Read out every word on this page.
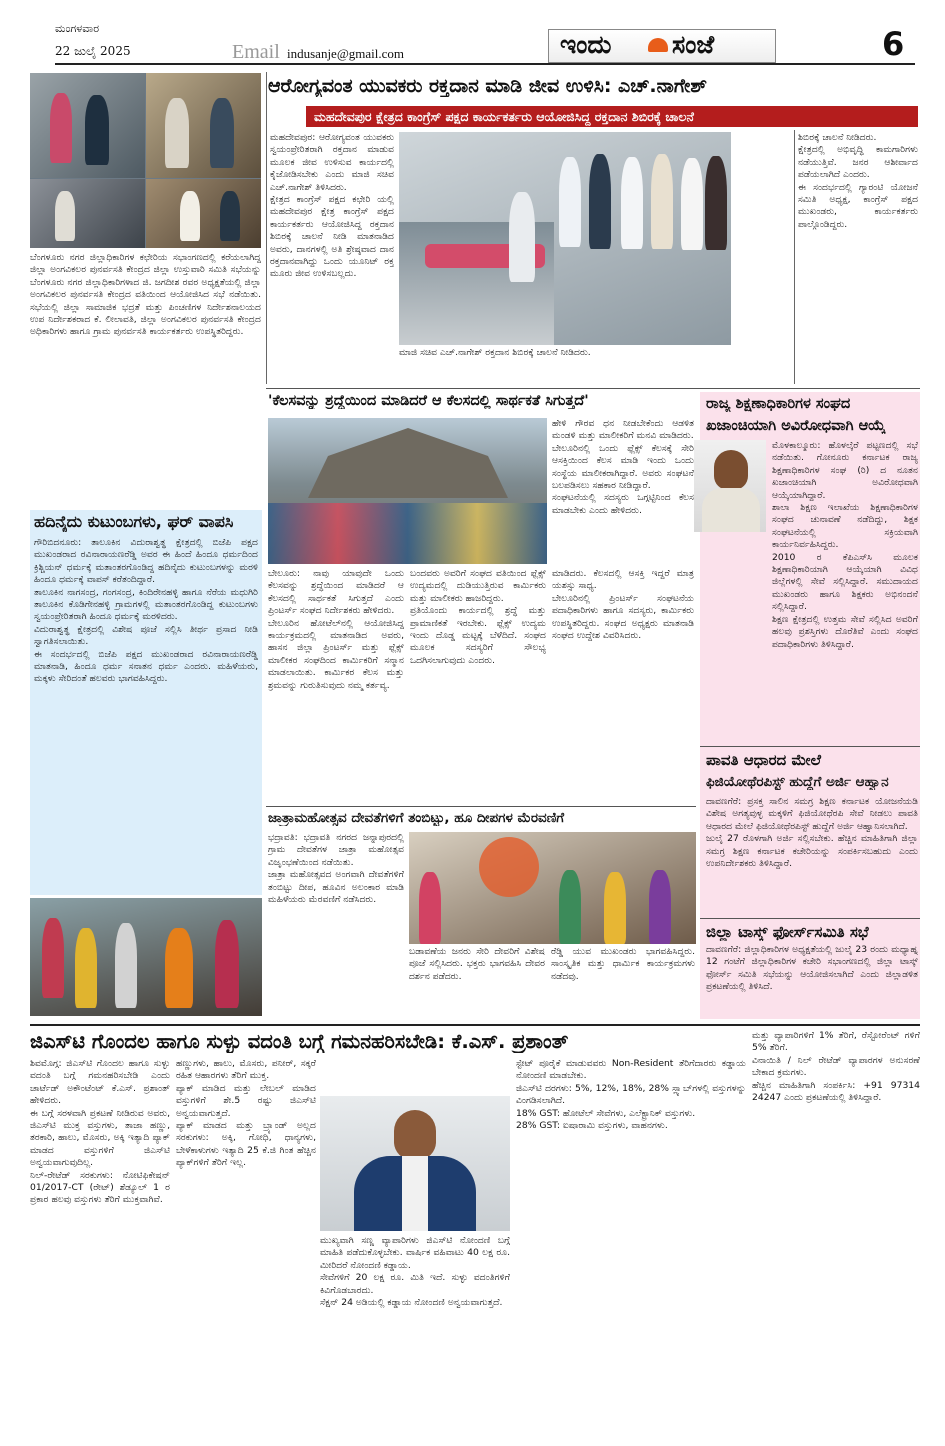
ಮಂಗಳವಾರ
22 ಜುಲೈ 2025	Email indusanje@gmail.com	ಇಂದು ಸಂಜೆ	6
ಬೆಂಗಳೂರು ನಗರ ಜಿಲ್ಲಾಧಿಕಾರಿಗಳ ಕಛೇರಿಯ ಸಭಾಂಗಣದಲ್ಲಿ ಕರೆಯಲಾಗಿದ್ದ ಜಿಲ್ಲಾ ಅಂಗವಿಕಲರ ಪುನರ್ವಸತಿ ಕೇಂದ್ರದ ಜಿಲ್ಲಾ ಉಸ್ತುವಾರಿ ಸಮಿತಿ ಸಭೆಯನ್ನು ಬೆಂಗಳೂರು ನಗರ ಜಿಲ್ಲಾಧಿಕಾರಿಗಳಾದ ಜಿ. ಜಗದೀಶ ರವರ ಅಧ್ಯಕ್ಷತೆಯಲ್ಲಿ ಜಿಲ್ಲಾ ಅಂಗವಿಕಲರ ಪುನರ್ವಸತಿ ಕೇಂದ್ರದ ವತಿಯಿಂದ ಆಯೋಜಿಸಿದ ಸಭೆ ನಡೆಯಿತು. ಸಭೆಯಲ್ಲಿ ಜಿಲ್ಲಾ ಸಾಮಾಜಿಕ ಭದ್ರತೆ ಮತ್ತು ಪಿಂಚಣಿಗಳ ನಿರ್ದೇಶನಾಲಯದ ಉಪ ನಿರ್ದೇಶಕರಾದ ಕೆ. ಲೀಲಾವತಿ, ಜಿಲ್ಲಾ ಅಂಗವಿಕಲರ ಪುನರ್ವಸತಿ ಕೇಂದ್ರದ ಅಧಿಕಾರಿಗಳು ಹಾಗೂ ಗ್ರಾಮ ಪುನರ್ವಸತಿ ಕಾರ್ಯಕರ್ತರು ಉಪಸ್ಥಿತರಿದ್ದರು.
ಆರೋಗ್ಯವಂತ ಯುವಕರು ರಕ್ತದಾನ ಮಾಡಿ ಜೀವ ಉಳಿಸಿ: ಎಚ್.ನಾಗೇಶ್
ಮಹದೇವಪುರ ಕ್ಷೇತ್ರದ ಕಾಂಗ್ರೆಸ್ ಪಕ್ಷದ ಕಾರ್ಯಕರ್ತರು ಆಯೋಜಿಸಿದ್ದ ರಕ್ತದಾನ ಶಿಬಿರಕ್ಕೆ ಚಾಲನೆ
ಮಹದೇವಪುರ: ಆರೋಗ್ಯವಂತ ಯುವಕರು ಸ್ವಯಂಪ್ರೇರಿತರಾಗಿ ರಕ್ತದಾನ ಮಾಡುವ ಮೂಲಕ ಜೀವ ಉಳಿಸುವ ಕಾರ್ಯದಲ್ಲಿ ಕೈಜೋಡಿಸಬೇಕು ಎಂದು ಮಾಜಿ ಸಚಿವ ಎಚ್.ನಾಗೇಶ್ ತಿಳಿಸಿದರು.
ಕ್ಷೇತ್ರದ ಕಾಂಗ್ರೆಸ್ ಪಕ್ಷದ ಕಛೇರಿ ಯಲ್ಲಿ ಮಹದೇವಪುರ ಕ್ಷೇತ್ರ ಕಾಂಗ್ರೆಸ್ ಪಕ್ಷದ ಕಾರ್ಯಕರ್ತರು ಆಯೋಜಿಸಿದ್ದ ರಕ್ತದಾನ ಶಿಬಿರಕ್ಕೆ ಚಾಲನೆ ನೀಡಿ ಮಾತನಾಡಿದ ಅವರು, ದಾನಗಳಲ್ಲಿ ಅತಿ ಶ್ರೇಷ್ಠವಾದ ದಾನ ರಕ್ತದಾನವಾಗಿದ್ದು ಒಂದು ಯೂನಿಟ್ ರಕ್ತ ಮೂರು ಜೀವ ಉಳಿಸಬಲ್ಲದು.
ಮಾಜಿ ಸಚಿವ ಎಚ್.ನಾಗೇಶ್ ರಕ್ತದಾನ ಶಿಬಿರಕ್ಕೆ ಚಾಲನೆ ನೀಡಿದರು.
ಶಿಬಿರಕ್ಕೆ ಚಾಲನೆ ನೀಡಿದರು.
ಕ್ಷೇತ್ರದಲ್ಲಿ ಅಭಿವೃದ್ಧಿ ಕಾಮಗಾರಿಗಳು ನಡೆಯುತ್ತಿವೆ. ಜನರ ಆಶೀರ್ವಾದ ಪಡೆಯಲಾಗಿದೆ ಎಂದರು.
ಈ ಸಂದರ್ಭದಲ್ಲಿ ಗ್ಯಾರಂಟಿ ಯೋಜನೆ ಸಮಿತಿ ಅಧ್ಯಕ್ಷ, ಕಾಂಗ್ರೆಸ್ ಪಕ್ಷದ ಮುಖಂಡರು, ಕಾರ್ಯಕರ್ತರು ಪಾಲ್ಗೊಂಡಿದ್ದರು.
ಹದಿನೈದು ಕುಟುಂಬಗಳು, ಘರ್ ವಾಪಸಿ
ಗೌರಿಬಿದನೂರು: ತಾಲೂಕಿನ ವಿದುರಾಶ್ವತ್ಥ ಕ್ಷೇತ್ರದಲ್ಲಿ ಬಿಜೆಪಿ ಪಕ್ಷದ ಮುಖಂಡರಾದ ರವಿನಾರಾಯಣರೆಡ್ಡಿ ಅವರ ಈ ಹಿಂದೆ ಹಿಂದೂ ಧರ್ಮದಿಂದ ಕ್ರಿಶ್ಚಿಯನ್ ಧರ್ಮಕ್ಕೆ ಮತಾಂತರಗೊಂಡಿದ್ದ ಹದಿನೈದು ಕುಟುಂಬಗಳನ್ನು ಮರಳಿ ಹಿಂದೂ ಧರ್ಮಕ್ಕೆ ವಾಪಸ್ ಕರೆತಂದಿದ್ದಾರೆ.
ತಾಲೂಕಿನ ನಾಗಸಂದ್ರ, ಗಂಗಸಂದ್ರ, ಕಿಂದಿರೇನಹಳ್ಳಿ ಹಾಗೂ ನೆರೆಯ ಮಧುಗಿರಿ ತಾಲೂಕಿನ ಕೊಡಿಗೇನಹಳ್ಳಿ ಗ್ರಾಮಗಳಲ್ಲಿ ಮತಾಂತರಗೊಂಡಿದ್ದ ಕುಟುಂಬಗಳು ಸ್ವಯಂಪ್ರೇರಿತರಾಗಿ ಹಿಂದೂ ಧರ್ಮಕ್ಕೆ ಮರಳಿದರು.
ವಿದುರಾಶ್ವತ್ಥ ಕ್ಷೇತ್ರದಲ್ಲಿ ವಿಶೇಷ ಪೂಜೆ ಸಲ್ಲಿಸಿ ತೀರ್ಥ ಪ್ರಸಾದ ನೀಡಿ ಸ್ವಾಗತಿಸಲಾಯಿತು.
ಈ ಸಂದರ್ಭದಲ್ಲಿ ಬಿಜೆಪಿ ಪಕ್ಷದ ಮುಖಂಡರಾದ ರವಿನಾರಾಯಣರೆಡ್ಡಿ ಮಾತನಾಡಿ, ಹಿಂದೂ ಧರ್ಮ ಸನಾತನ ಧರ್ಮ ಎಂದರು. ಮಹಿಳೆಯರು, ಮಕ್ಕಳು ಸೇರಿದಂತೆ ಹಲವರು ಭಾಗವಹಿಸಿದ್ದರು.
'ಕೆಲಸವನ್ನು ಶ್ರದ್ಧೆಯಿಂದ ಮಾಡಿದರೆ ಆ ಕೆಲಸದಲ್ಲಿ ಸಾರ್ಥಕತೆ ಸಿಗುತ್ತದೆ'
ಹೇಳಿ ಗೌರವ ಧನ ನೀಡಬೇಕೆಂದು ಆಡಳಿತ ಮಂಡಳಿ ಮತ್ತು ಮಾಲೀಕರಿಗೆ ಮನವಿ ಮಾಡಿದರು.
ಬೇಲೂರಿನಲ್ಲಿ ಒಂದು ಫ್ಲೆಕ್ಸ್ ಕೆಲಸಕ್ಕೆ ಸೇರಿ ಆಸಕ್ತಿಯಿಂದ ಕೆಲಸ ಮಾಡಿ ಇಂದು ಒಂದು ಸಂಸ್ಥೆಯ ಮಾಲೀಕರಾಗಿದ್ದಾರೆ. ಅವರು ಸಂಘಟನೆ ಬಲಪಡಿಸಲು ಸಹಕಾರ ನೀಡಿದ್ದಾರೆ.
ಸಂಘಟನೆಯಲ್ಲಿ ಸದಸ್ಯರು ಒಗ್ಗಟ್ಟಿನಿಂದ ಕೆಲಸ ಮಾಡಬೇಕು ಎಂದು ಹೇಳಿದರು.
ಬೇಲೂರು: ನಾವು ಯಾವುದೇ ಒಂದು ಕೆಲಸವನ್ನು ಶ್ರದ್ಧೆಯಿಂದ ಮಾಡಿದರೆ ಆ ಕೆಲಸದಲ್ಲಿ ಸಾರ್ಥಕತೆ ಸಿಗುತ್ತದೆ ಎಂದು ಪ್ರಿಂಟರ್ಸ್ ಸಂಘದ ನಿರ್ದೇಶಕರು ಹೇಳಿದರು.
ಬೇಲೂರಿನ ಹೋಟೆಲ್‌ನಲ್ಲಿ ಆಯೋಜಿಸಿದ್ದ ಕಾರ್ಯಕ್ರಮದಲ್ಲಿ ಮಾತನಾಡಿದ ಅವರು, ಹಾಸನ ಜಿಲ್ಲಾ ಪ್ರಿಂಟರ್ಸ್ ಮತ್ತು ಫ್ಲೆಕ್ಸ್ ಮಾಲೀಕರ ಸಂಘದಿಂದ ಕಾರ್ಮಿಕರಿಗೆ ಸನ್ಮಾನ ಮಾಡಲಾಯಿತು. ಕಾರ್ಮಿಕರ ಕೆಲಸ ಮತ್ತು ಶ್ರಮವನ್ನು ಗುರುತಿಸುವುದು ನಮ್ಮ ಕರ್ತವ್ಯ.
ಬಂದವರು ಅವರಿಗೆ ಸಂಘದ ವತಿಯಿಂದ ಫ್ಲೆಕ್ಸ್ ಉದ್ಯಮದಲ್ಲಿ ದುಡಿಯುತ್ತಿರುವ ಕಾರ್ಮಿಕರು ಮತ್ತು ಮಾಲೀಕರು ಹಾಜರಿದ್ದರು.
ಪ್ರತಿಯೊಂದು ಕಾರ್ಯದಲ್ಲಿ ಶ್ರದ್ಧೆ ಮತ್ತು ಪ್ರಾಮಾಣಿಕತೆ ಇರಬೇಕು. ಫ್ಲೆಕ್ಸ್ ಉದ್ಯಮ ಇಂದು ದೊಡ್ಡ ಮಟ್ಟಕ್ಕೆ ಬೆಳೆದಿದೆ. ಸಂಘದ ಮೂಲಕ ಸದಸ್ಯರಿಗೆ ಸೌಲಭ್ಯ ಒದಗಿಸಲಾಗುವುದು ಎಂದರು.
ಮಾಡಿದರು. ಕೆಲಸದಲ್ಲಿ ಆಸಕ್ತಿ ಇದ್ದರೆ ಮಾತ್ರ ಯಶಸ್ಸು ಸಾಧ್ಯ.
ಬೇಲೂರಿನಲ್ಲಿ ಪ್ರಿಂಟರ್ಸ್ ಸಂಘಟನೆಯ ಪದಾಧಿಕಾರಿಗಳು ಹಾಗೂ ಸದಸ್ಯರು, ಕಾರ್ಮಿಕರು ಉಪಸ್ಥಿತರಿದ್ದರು. ಸಂಘದ ಅಧ್ಯಕ್ಷರು ಮಾತನಾಡಿ ಸಂಘದ ಉದ್ದೇಶ ವಿವರಿಸಿದರು.
ಜಾತ್ರಾಮಹೋತ್ಸವ ದೇವತೆಗಳಿಗೆ ತಂಬಿಟ್ಟು, ಹೂ ದೀಪಗಳ ಮೆರವಣಿಗೆ
ಭದ್ರಾವತಿ: ಭದ್ರಾವತಿ ನಗರದ ಜನ್ನಾಪುರದಲ್ಲಿ ಗ್ರಾಮ ದೇವತೆಗಳ ಜಾತ್ರಾ ಮಹೋತ್ಸವ ವಿಜೃಂಭಣೆಯಿಂದ ನಡೆಯಿತು.
ಜಾತ್ರಾ ಮಹೋತ್ಸವದ ಅಂಗವಾಗಿ ದೇವತೆಗಳಿಗೆ ತಂಬಿಟ್ಟು ದೀಪ, ಹೂವಿನ ಅಲಂಕಾರ ಮಾಡಿ ಮಹಿಳೆಯರು ಮೆರವಣಿಗೆ ನಡೆಸಿದರು.
ಬಡಾವಣೆಯ ಜನರು ಸೇರಿ ದೇವರಿಗೆ ವಿಶೇಷ ಪೂಜೆ ಸಲ್ಲಿಸಿದರು. ಭಕ್ತರು ಭಾಗವಹಿಸಿ ದೇವರ ದರ್ಶನ ಪಡೆದರು.
ರೆಡ್ಡಿ ಯುವ ಮುಖಂಡರು ಭಾಗವಹಿಸಿದ್ದರು. ಸಾಂಸ್ಕೃತಿಕ ಮತ್ತು ಧಾರ್ಮಿಕ ಕಾರ್ಯಕ್ರಮಗಳು ನಡೆದವು.
ರಾಜ್ಯ ಶಿಕ್ಷಣಾಧಿಕಾರಿಗಳ ಸಂಘದ
ಖಜಾಂಚಿಯಾಗಿ ಅವಿರೋಧವಾಗಿ ಆಯ್ಕೆ
ಮೊಳಕಾಲ್ಮೂರು: ಹೊಳಲ್ಕೆರೆ ಪಟ್ಟಣದಲ್ಲಿ ಸಭೆ ನಡೆಯಿತು. ಗೋನೂರು ಕರ್ನಾಟಕ ರಾಜ್ಯ ಶಿಕ್ಷಣಾಧಿಕಾರಿಗಳ ಸಂಘ (ರಿ) ದ ನೂತನ ಖಜಾಂಚಿಯಾಗಿ ಅವಿರೋಧವಾಗಿ ಆಯ್ಕೆಯಾಗಿದ್ದಾರೆ.
ಶಾಲಾ ಶಿಕ್ಷಣ ಇಲಾಖೆಯ ಶಿಕ್ಷಣಾಧಿಕಾರಿಗಳ ಸಂಘದ ಚುನಾವಣೆ ನಡೆದಿದ್ದು, ಶಿಕ್ಷಕ ಸಂಘಟನೆಯಲ್ಲಿ ಸಕ್ರಿಯವಾಗಿ ಕಾರ್ಯನಿರ್ವಹಿಸಿದ್ದರು.
2010 ರ ಕೆಪಿಎಸ್‌ಸಿ ಮೂಲಕ ಶಿಕ್ಷಣಾಧಿಕಾರಿಯಾಗಿ ಆಯ್ಕೆಯಾಗಿ ವಿವಿಧ ಜಿಲ್ಲೆಗಳಲ್ಲಿ ಸೇವೆ ಸಲ್ಲಿಸಿದ್ದಾರೆ. ಸಮುದಾಯದ ಮುಖಂಡರು ಹಾಗೂ ಶಿಕ್ಷಕರು ಅಭಿನಂದನೆ ಸಲ್ಲಿಸಿದ್ದಾರೆ.
ಶಿಕ್ಷಣ ಕ್ಷೇತ್ರದಲ್ಲಿ ಉತ್ತಮ ಸೇವೆ ಸಲ್ಲಿಸಿದ ಅವರಿಗೆ ಹಲವು ಪ್ರಶಸ್ತಿಗಳು ದೊರೆತಿವೆ ಎಂದು ಸಂಘದ ಪದಾಧಿಕಾರಿಗಳು ತಿಳಿಸಿದ್ದಾರೆ.
ಪಾವತಿ ಆಧಾರದ ಮೇಲೆ
ಫಿಜಿಯೋಥೆರಪಿಸ್ಟ್ ಹುದ್ದೆಗೆ ಅರ್ಜಿ ಆಹ್ವಾನ
ದಾವಣಗೆರೆ: ಪ್ರಸಕ್ತ ಸಾಲಿನ ಸಮಗ್ರ ಶಿಕ್ಷಣ ಕರ್ನಾಟಕ ಯೋಜನೆಯಡಿ ವಿಶೇಷ ಅಗತ್ಯವುಳ್ಳ ಮಕ್ಕಳಿಗೆ ಫಿಜಿಯೋಥೆರಪಿ ಸೇವೆ ನೀಡಲು ಪಾವತಿ ಆಧಾರದ ಮೇಲೆ ಫಿಜಿಯೋಥೆರಪಿಸ್ಟ್ ಹುದ್ದೆಗೆ ಅರ್ಜಿ ಆಹ್ವಾನಿಸಲಾಗಿದೆ.
ಜುಲೈ 27 ರೊಳಗಾಗಿ ಅರ್ಜಿ ಸಲ್ಲಿಸಬೇಕು. ಹೆಚ್ಚಿನ ಮಾಹಿತಿಗಾಗಿ ಜಿಲ್ಲಾ ಸಮಗ್ರ ಶಿಕ್ಷಣ ಕರ್ನಾಟಕ ಕಚೇರಿಯನ್ನು ಸಂಪರ್ಕಿಸಬಹುದು ಎಂದು ಉಪನಿರ್ದೇಶಕರು ತಿಳಿಸಿದ್ದಾರೆ.
ಜಿಲ್ಲಾ ಟಾಸ್ಕ್ ಫೋರ್ಸ್‌ಸಮಿತಿ ಸಭೆ
ದಾವಣಗೆರೆ: ಜಿಲ್ಲಾಧಿಕಾರಿಗಳ ಅಧ್ಯಕ್ಷತೆಯಲ್ಲಿ ಜುಲೈ 23 ರಂದು ಮಧ್ಯಾಹ್ನ 12 ಗಂಟೆಗೆ ಜಿಲ್ಲಾಧಿಕಾರಿಗಳ ಕಚೇರಿ ಸಭಾಂಗಣದಲ್ಲಿ ಜಿಲ್ಲಾ ಟಾಸ್ಕ್ ಫೋರ್ಸ್ ಸಮಿತಿ ಸಭೆಯನ್ನು ಆಯೋಜಿಸಲಾಗಿದೆ ಎಂದು ಜಿಲ್ಲಾಡಳಿತ ಪ್ರಕಟಣೆಯಲ್ಲಿ ತಿಳಿಸಿದೆ.
ಜಿಎಸ್‌ಟಿ ಗೊಂದಲ ಹಾಗೂ ಸುಳ್ಳು ವದಂತಿ ಬಗ್ಗೆ ಗಮನಹರಿಸಬೇಡಿ: ಕೆ.ಎಸ್. ಪ್ರಶಾಂತ್
ಶಿವಮೊಗ್ಗ: ಜಿಎಸ್‌ಟಿ ಗೊಂದಲ ಹಾಗೂ ಸುಳ್ಳು ವದಂತಿ ಬಗ್ಗೆ ಗಮನಹರಿಸಬೇಡಿ ಎಂದು ಚಾರ್ಟೆಡ್ ಅಕೌಂಟೆಂಟ್ ಕೆ.ಎಸ್. ಪ್ರಶಾಂತ್ ಹೇಳಿದರು.
ಈ ಬಗ್ಗೆ ಸರಳವಾಗಿ ಪ್ರಕಟಣೆ ನೀಡಿರುವ ಅವರು, ಜಿಎಸ್‌ಟಿ ಮುಕ್ತ ವಸ್ತುಗಳು, ತಾಜಾ ಹಣ್ಣು, ತರಕಾರಿ, ಹಾಲು, ಮೊಸರು, ಅಕ್ಕಿ ಇತ್ಯಾದಿ ಪ್ಯಾಕ್ ಮಾಡದ ವಸ್ತುಗಳಿಗೆ ಜಿಎಸ್‌ಟಿ ಅನ್ವಯವಾಗುವುದಿಲ್ಲ.
ನಿಲ್-ರೇಟೆಡ್ ಸರಕುಗಳು: ನೋಟಿಫಿಕೇಷನ್ 01/2017-CT (ರೇಟ್) ಶೆಡ್ಯೂಲ್ 1 ರ ಪ್ರಕಾರ ಹಲವು ವಸ್ತುಗಳು ತೆರಿಗೆ ಮುಕ್ತವಾಗಿವೆ.
ಹಣ್ಣುಗಳು, ಹಾಲು, ಮೊಸರು, ಪನೀರ್, ಸಕ್ಕರೆ ರಹಿತ ಆಹಾರಗಳು ತೆರಿಗೆ ಮುಕ್ತ.
ಪ್ಯಾಕ್ ಮಾಡಿದ ಮತ್ತು ಲೇಬಲ್ ಮಾಡಿದ ವಸ್ತುಗಳಿಗೆ ಶೇ.5 ರಷ್ಟು ಜಿಎಸ್‌ಟಿ ಅನ್ವಯವಾಗುತ್ತದೆ.
ಪ್ಯಾಕ್ ಮಾಡದ ಮತ್ತು ಬ್ರ್ಯಾಂಡ್ ಅಲ್ಲದ ಸರಕುಗಳು: ಅಕ್ಕಿ, ಗೋಧಿ, ಧಾನ್ಯಗಳು, ಬೇಳೆಕಾಳುಗಳು ಇತ್ಯಾದಿ 25 ಕೆ.ಜಿ ಗಿಂತ ಹೆಚ್ಚಿನ ಪ್ಯಾಕ್‌ಗಳಿಗೆ ತೆರಿಗೆ ಇಲ್ಲ.
ಮುಖ್ಯವಾಗಿ ಸಣ್ಣ ವ್ಯಾಪಾರಿಗಳು ಜಿಎಸ್‌ಟಿ ನೋಂದಣಿ ಬಗ್ಗೆ ಮಾಹಿತಿ ಪಡೆದುಕೊಳ್ಳಬೇಕು. ವಾರ್ಷಿಕ ವಹಿವಾಟು 40 ಲಕ್ಷ ರೂ. ಮೀರಿದರೆ ನೋಂದಣಿ ಕಡ್ಡಾಯ.
ಸೇವೆಗಳಿಗೆ 20 ಲಕ್ಷ ರೂ. ಮಿತಿ ಇದೆ. ಸುಳ್ಳು ವದಂತಿಗಳಿಗೆ ಕಿವಿಗೊಡಬಾರದು.
ಸೆಕ್ಷನ್ 24 ಅಡಿಯಲ್ಲಿ ಕಡ್ಡಾಯ ನೋಂದಣಿ ಅನ್ವಯವಾಗುತ್ತದೆ.
ಸ್ಟೇಟ್ ಪೂರೈಕೆ ಮಾಡುವವರು Non-Resident ತೆರಿಗೆದಾರರು ಕಡ್ಡಾಯ ನೋಂದಣಿ ಮಾಡಬೇಕು.
ಜಿಎಸ್‌ಟಿ ದರಗಳು: 5%, 12%, 18%, 28% ಸ್ಲ್ಯಾಬ್‌ಗಳಲ್ಲಿ ವಸ್ತುಗಳನ್ನು ವಿಂಗಡಿಸಲಾಗಿದೆ.
18% GST: ಹೋಟೆಲ್ ಸೇವೆಗಳು, ಎಲೆಕ್ಟ್ರಾನಿಕ್ ವಸ್ತುಗಳು.
28% GST: ಐಷಾರಾಮಿ ವಸ್ತುಗಳು, ವಾಹನಗಳು.
ಮತ್ತು ವ್ಯಾಪಾರಿಗಳಿಗೆ 1% ತೆರಿಗೆ, ರೆಸ್ಟೋರೆಂಟ್ ಗಳಿಗೆ 5% ತೆರಿಗೆ.
ವಿನಾಯಿತಿ / ನಿಲ್ ರೇಟೆಡ್ ವ್ಯಾಪಾರಗಳ ಅನುಸರಣೆ ಬೇಕಾದ ಕ್ರಮಗಳು.
ಹೆಚ್ಚಿನ ಮಾಹಿತಿಗಾಗಿ ಸಂಪರ್ಕಿಸಿ: +91 97314 24247 ಎಂದು ಪ್ರಕಟಣೆಯಲ್ಲಿ ತಿಳಿಸಿದ್ದಾರೆ.
